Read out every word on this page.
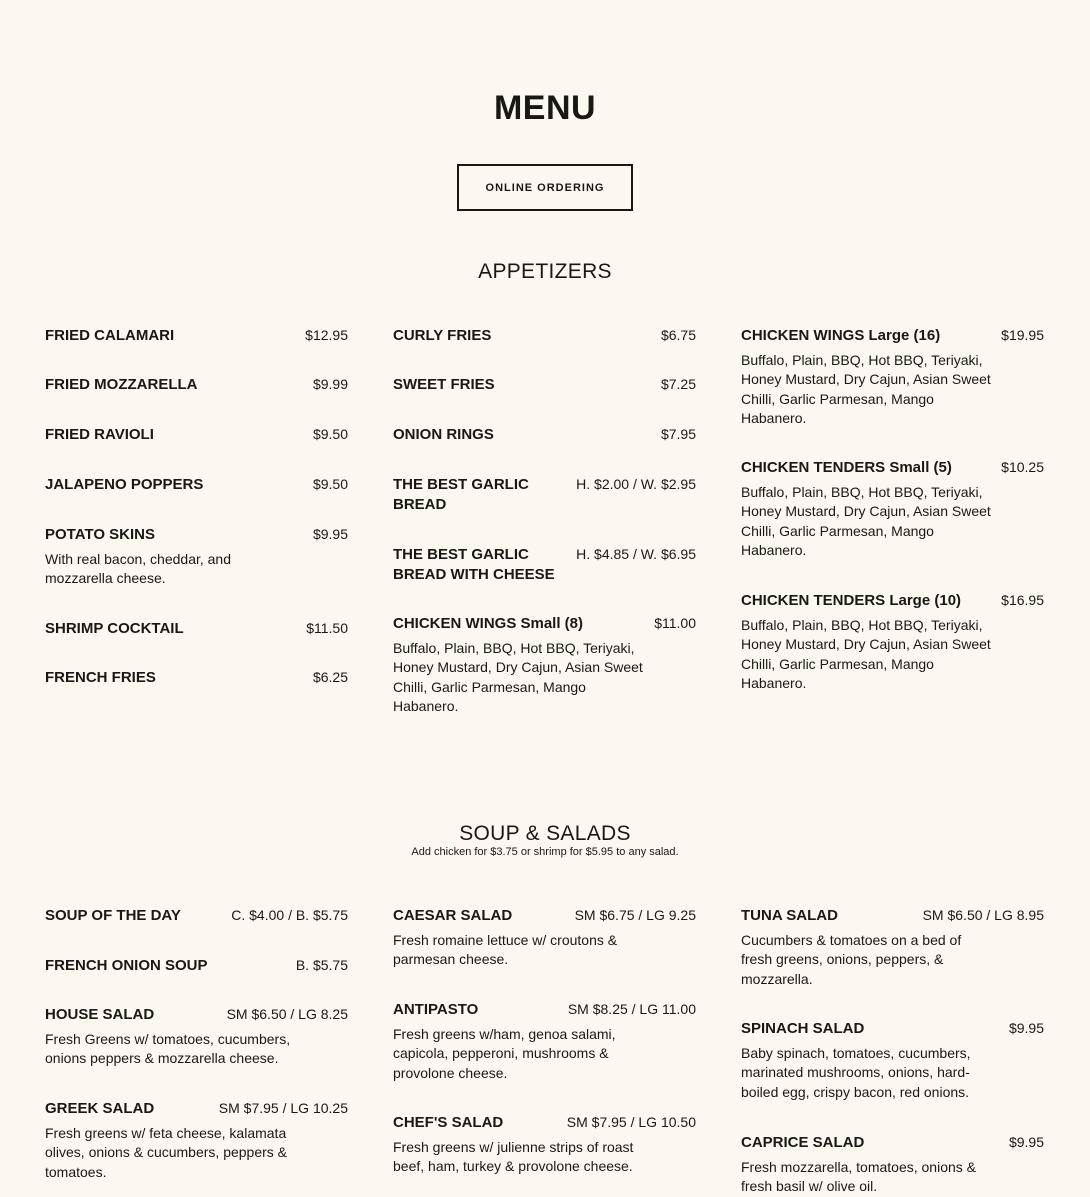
MENU
ONLINE ORDERING
APPETIZERS
FRIED CALAMARI	$12.95
FRIED MOZZARELLA	$9.99
FRIED RAVIOLI	$9.50
JALAPENO POPPERS	$9.50
POTATO SKINS	$9.95
With real bacon, cheddar, and mozzarella cheese.
SHRIMP COCKTAIL	$11.50
FRENCH FRIES	$6.25
CURLY FRIES	$6.75
SWEET FRIES	$7.25
ONION RINGS	$7.95
THE BEST GARLIC BREAD
H. $2.00 / W. $2.95
THE BEST GARLIC BREAD WITH CHEESE
H. $4.85 / W. $6.95
CHICKEN WINGS Small (8)	$11.00
Buffalo, Plain, BBQ, Hot BBQ, Teriyaki, Honey Mustard, Dry Cajun, Asian Sweet Chilli, Garlic Parmesan, Mango Habanero.
CHICKEN WINGS Large (16)	$19.95
Buffalo, Plain, BBQ, Hot BBQ, Teriyaki, Honey Mustard, Dry Cajun, Asian Sweet Chilli, Garlic Parmesan, Mango Habanero.
CHICKEN TENDERS Small (5)	$10.25
Buffalo, Plain, BBQ, Hot BBQ, Teriyaki, Honey Mustard, Dry Cajun, Asian Sweet Chilli, Garlic Parmesan, Mango Habanero.
CHICKEN TENDERS Large (10)	$16.95
Buffalo, Plain, BBQ, Hot BBQ, Teriyaki, Honey Mustard, Dry Cajun, Asian Sweet Chilli, Garlic Parmesan, Mango Habanero.
SOUP & SALADS
Add chicken for $3.75 or shrimp for $5.95 to any salad.
SOUP OF THE DAY	C. $4.00 / B. $5.75
FRENCH ONION SOUP	B. $5.75
HOUSE SALAD	SM $6.50 / LG 8.25
Fresh Greens w/ tomatoes, cucumbers, onions peppers & mozzarella cheese.
GREEK SALAD	SM $7.95 / LG 10.25
Fresh greens w/ feta cheese, kalamata olives, onions & cucumbers, peppers & tomatoes.
CAESAR SALAD	SM $6.75 / LG 9.25
Fresh romaine lettuce w/ croutons & parmesan cheese.
ANTIPASTO	SM $8.25 / LG 11.00
Fresh greens w/ham, genoa salami, capicola, pepperoni, mushrooms & provolone cheese.
CHEF'S SALAD	SM $7.95 / LG 10.50
Fresh greens w/ julienne strips of roast beef, ham, turkey & provolone cheese.
TUNA SALAD	SM $6.50 / LG 8.95
Cucumbers & tomatoes on a bed of fresh greens, onions, peppers, & mozzarella.
SPINACH SALAD	$9.95
Baby spinach, tomatoes, cucumbers, marinated mushrooms, onions, hard-boiled egg, crispy bacon, red onions.
CAPRICE SALAD	$9.95
Fresh mozzarella, tomatoes, onions & fresh basil w/ olive oil.
